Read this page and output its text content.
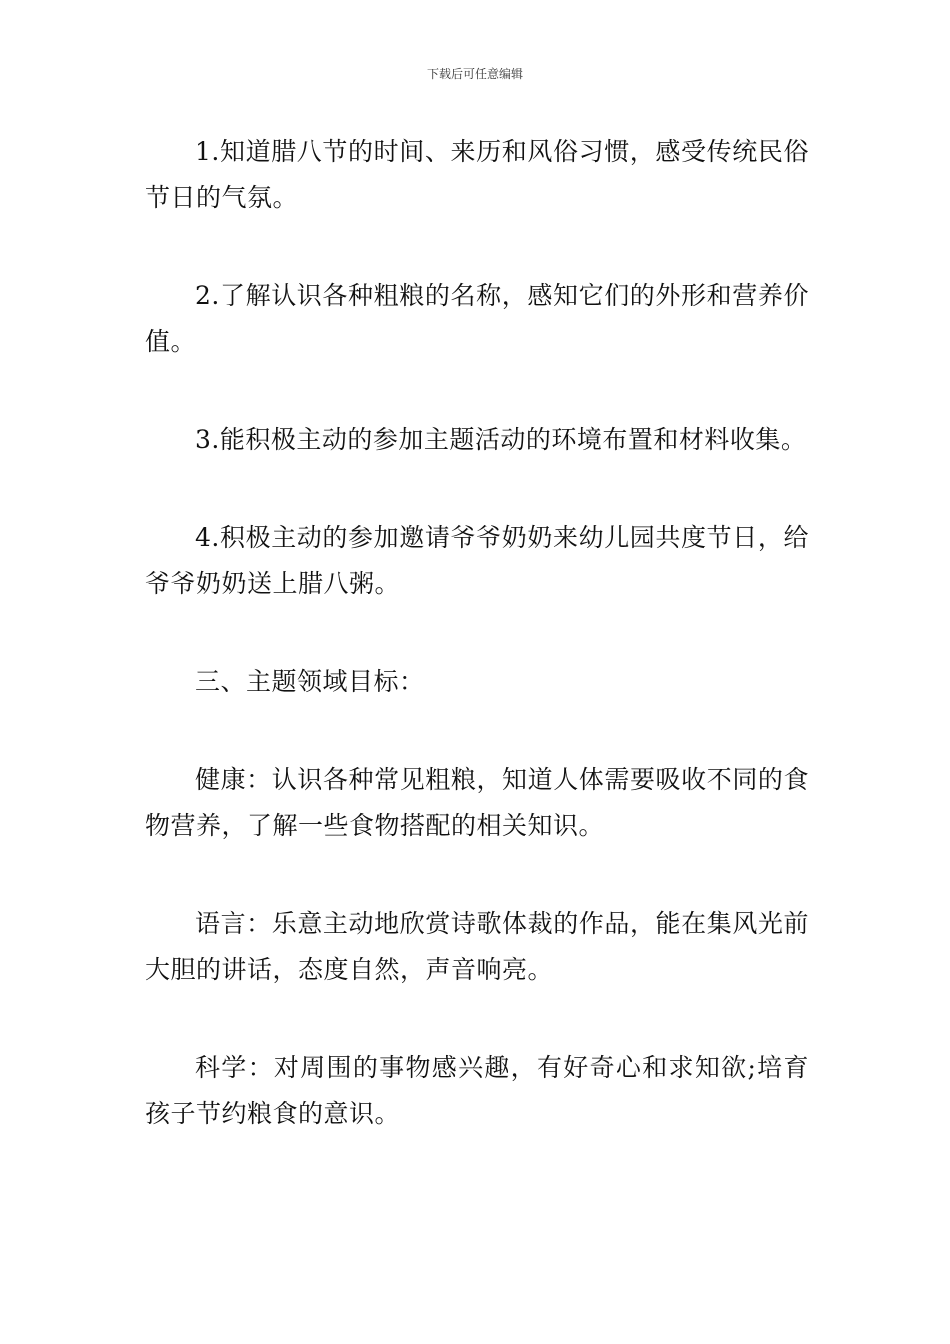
下载后可任意编辑

1.知道腊八节的时间、来历和风俗习惯，感受传统民俗节日的气氛。

2.了解认识各种粗粮的名称，感知它们的外形和营养价值。

3.能积极主动的参加主题活动的环境布置和材料收集。

4.积极主动的参加邀请爷爷奶奶来幼儿园共度节日，给爷爷奶奶送上腊八粥。

三、主题领域目标：

健康：认识各种常见粗粮，知道人体需要吸收不同的食物营养，了解一些食物搭配的相关知识。

语言：乐意主动地欣赏诗歌体裁的作品，能在集风光前大胆的讲话，态度自然，声音响亮。

科学：对周围的事物感兴趣，有好奇心和求知欲;培育孩子节约粮食的意识。
